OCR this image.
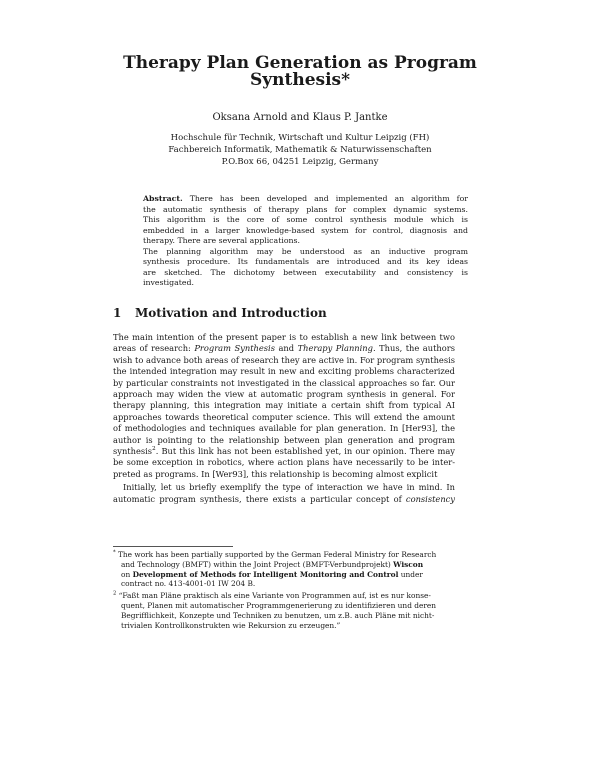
Therapy Plan Generation as Program
Synthesis*
Oksana Arnold and Klaus P. Jantke
Hochschule für Technik, Wirtschaft und Kultur Leipzig (FH)
Fachbereich Informatik, Mathematik & Naturwissenschaften
P.O.Box 66, 04251 Leipzig, Germany
Abstract. There has been developed and implemented an algorithm for
the automatic synthesis of therapy plans for complex dynamic systems.
This algorithm is the core of some control synthesis module which is
embedded in a larger knowledge-based system for control, diagnosis and
therapy. There are several applications.
The planning algorithm may be understood as an inductive program
synthesis procedure. Its fundamentals are introduced and its key ideas
are sketched. The dichotomy between executability and consistency is
investigated.
1 Motivation and Introduction
The main intention of the present paper is to establish a new link between two
areas of research: Program Synthesis and Therapy Planning. Thus, the authors
wish to advance both areas of research they are active in. For program synthesis
the intended integration may result in new and exciting problems characterized
by particular constraints not investigated in the classical approaches so far. Our
approach may widen the view at automatic program synthesis in general. For
therapy planning, this integration may initiate a certain shift from typical AI
approaches towards theoretical computer science. This will extend the amount
of methodologies and techniques available for plan generation. In [Her93], the
author is pointing to the relationship between plan generation and program
synthesis$^2$. But this link has not been established yet, in our opinion. There may
be some exception in robotics, where action plans have necessarily to be inter-
preted as programs. In [Wer93], this relationship is becoming almost explicit
Initially, let us briefly exemplify the type of interaction we have in mind. In
automatic program synthesis, there exists a particular concept of consistency
* The work has been partially supported by the German Federal Ministry for Research
and Technology (BMFT) within the Joint Project (BMFT-Verbundprojekt) Wiscon
on Development of Methods for Intelligent Monitoring and Control under
contract no. 413-4001-01 IW 204 B.
$^2$ “Faßt man Pläne praktisch als eine Variante von Programmen auf, ist es nur konse-
quent, Planen mit automatischer Programmgenerierung zu identifizieren und deren
Begrifflichkeit, Konzepte und Techniken zu benutzen, um z.B. auch Pläne mit nicht-
trivialen Kontrollkonstrukten wie Rekursion zu erzeugen.”
